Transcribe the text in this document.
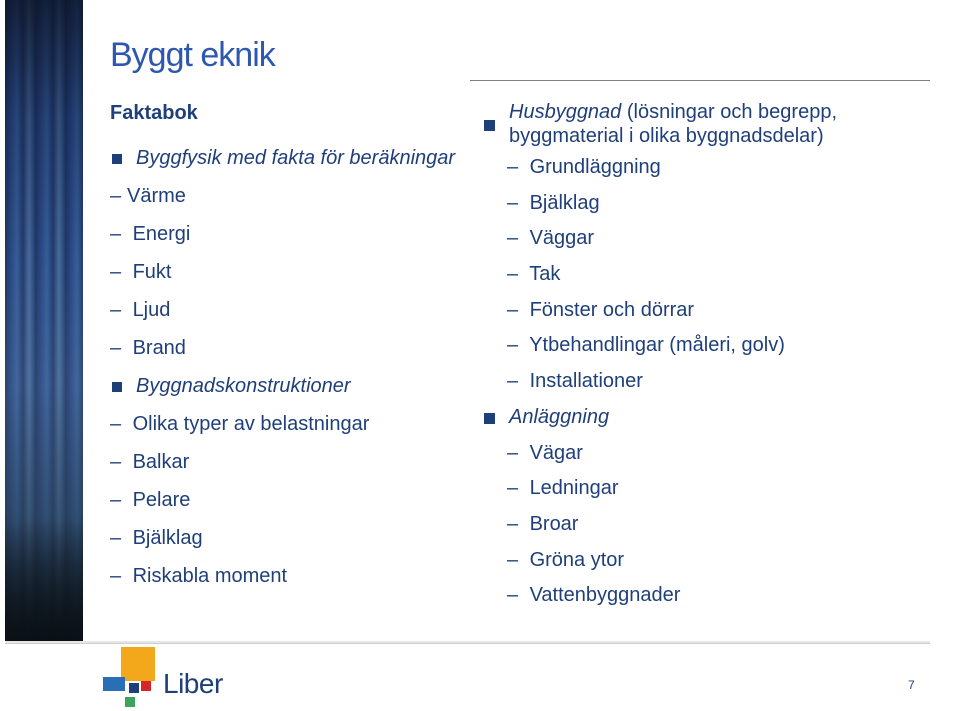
Byggt eknik
Faktabok
Byggfysik med fakta för beräkningar
– Värme
– Energi
– Fukt
– Ljud
– Brand
Byggnadskonstruktioner
– Olika typer av belastningar
– Balkar
– Pelare
– Bjälklag
– Riskabla moment
Husbyggnad (lösningar och begrepp,
byggmaterial i olika byggnadsdelar)
– Grundläggning
– Bjälklag
– Väggar
– Tak
– Fönster och dörrar
– Ytbehandlingar (måleri, golv)
– Installationer
Anläggning
– Vägar
– Ledningar
– Broar
– Gröna ytor
– Vattenbyggnader
Liber	7
